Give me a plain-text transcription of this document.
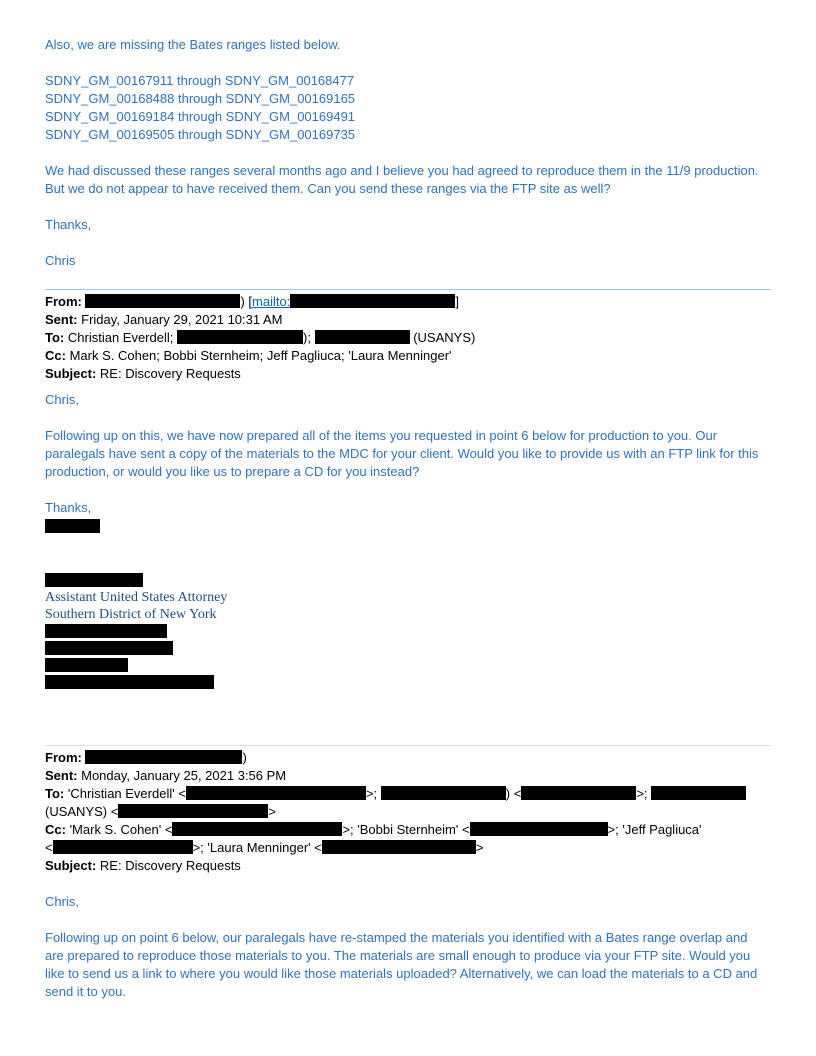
Also, we are missing the Bates ranges listed below.

SDNY_GM_00167911 through SDNY_GM_00168477

SDNY_GM_00168488 through SDNY_GM_00169165

SDNY_GM_00169184 through SDNY_GM_00169491

SDNY_GM_00169505 through SDNY_GM_00169735

We had discussed these ranges several months ago and I believe you had agreed to reproduce them in the 11/9 production. But we do not appear to have received them. Can you send these ranges via the FTP site as well?

Thanks,

Chris

From:	) [mailto:	]

Sent: Friday, January 29, 2021 10:31 AM

To: Christian Everdell;	);	(USANYS)

Cc: Mark S. Cohen; Bobbi Sternheim; Jeff Pagliuca; 'Laura Menninger'

Subject: RE: Discovery Requests

Chris,

Following up on this, we have now prepared all of the items you requested in point 6 below for production to you. Our paralegals have sent a copy of the materials to the MDC for your client. Would you like to provide us with an FTP link for this production, or would you like us to prepare a CD for you instead?

Thanks,

Assistant United States Attorney

Southern District of New York

From:	)

Sent: Monday, January 25, 2021 3:56 PM

To: 'Christian Everdell' <	>;	) <	>;

(USANYS) <	>

Cc: 'Mark S. Cohen' <	>; 'Bobbi Sternheim' <	>; 'Jeff Pagliuca'

<	>; 'Laura Menninger' <	>

Subject: RE: Discovery Requests

Chris,

Following up on point 6 below, our paralegals have re-stamped the materials you identified with a Bates range overlap and are prepared to reproduce those materials to you. The materials are small enough to produce via your FTP site. Would you like to send us a link to where you would like those materials uploaded? Alternatively, we can load the materials to a CD and send it to you.
